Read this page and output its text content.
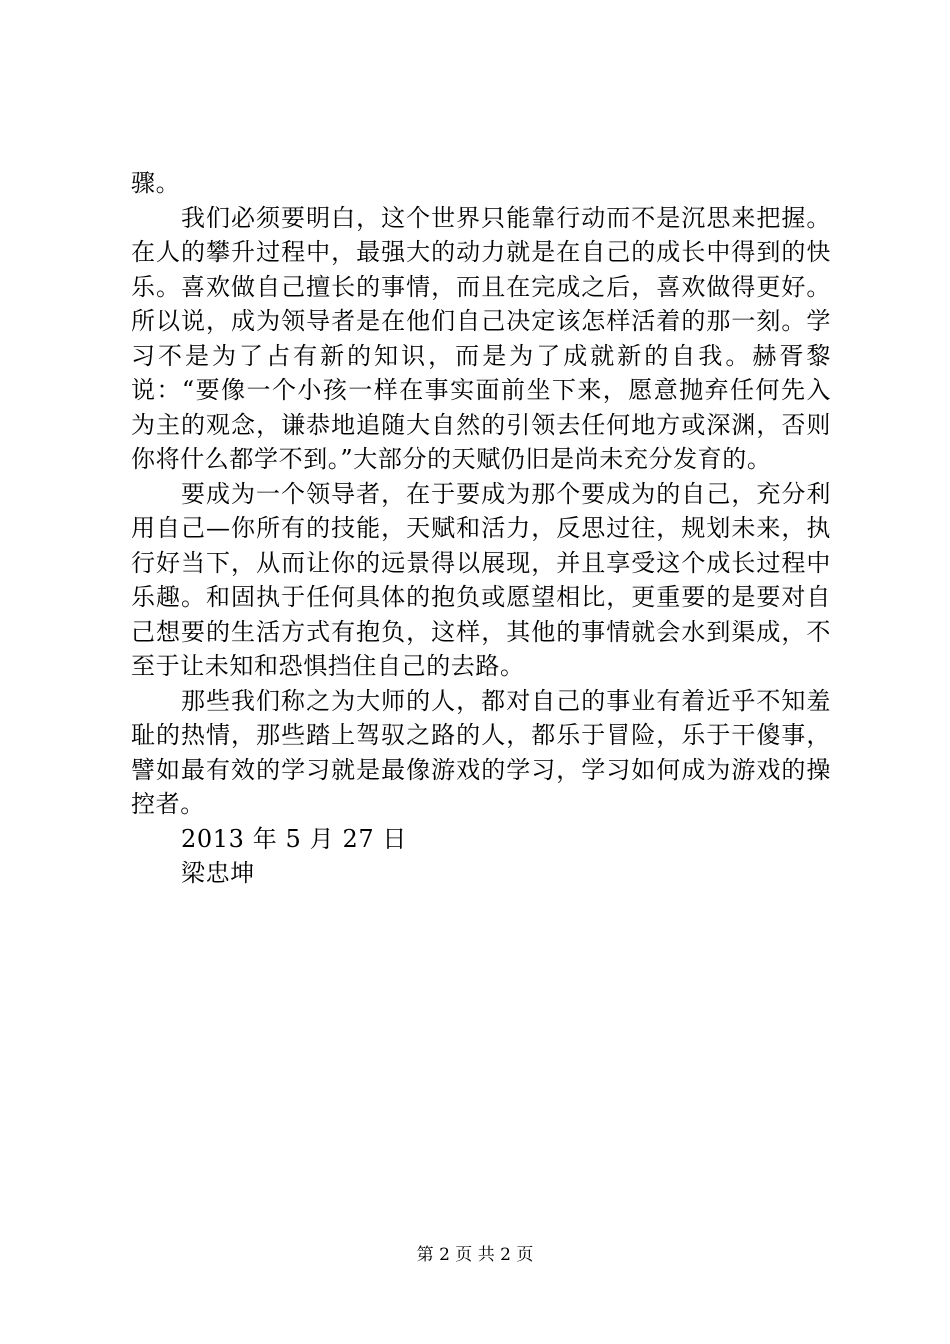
骤。

我们必须要明白，这个世界只能靠行动而不是沉思来把握。在人的攀升过程中，最强大的动力就是在自己的成长中得到的快乐。喜欢做自己擅长的事情，而且在完成之后，喜欢做得更好。所以说，成为领导者是在他们自己决定该怎样活着的那一刻。学习不是为了占有新的知识，而是为了成就新的自我。赫胥黎说：“要像一个小孩一样在事实面前坐下来，愿意抛弃任何先入为主的观念，谦恭地追随大自然的引领去任何地方或深渊，否则你将什么都学不到。”大部分的天赋仍旧是尚未充分发育的。

要成为一个领导者，在于要成为那个要成为的自己，充分利用自己—你所有的技能，天赋和活力，反思过往，规划未来，执行好当下，从而让你的远景得以展现，并且享受这个成长过程中乐趣。和固执于任何具体的抱负或愿望相比，更重要的是要对自己想要的生活方式有抱负，这样，其他的事情就会水到渠成，不至于让未知和恐惧挡住自己的去路。

那些我们称之为大师的人，都对自己的事业有着近乎不知羞耻的热情，那些踏上驾驭之路的人，都乐于冒险，乐于干傻事，譬如最有效的学习就是最像游戏的学习，学习如何成为游戏的操控者。

2013 年 5 月 27 日

梁忠坤

第 2 页 共 2 页
